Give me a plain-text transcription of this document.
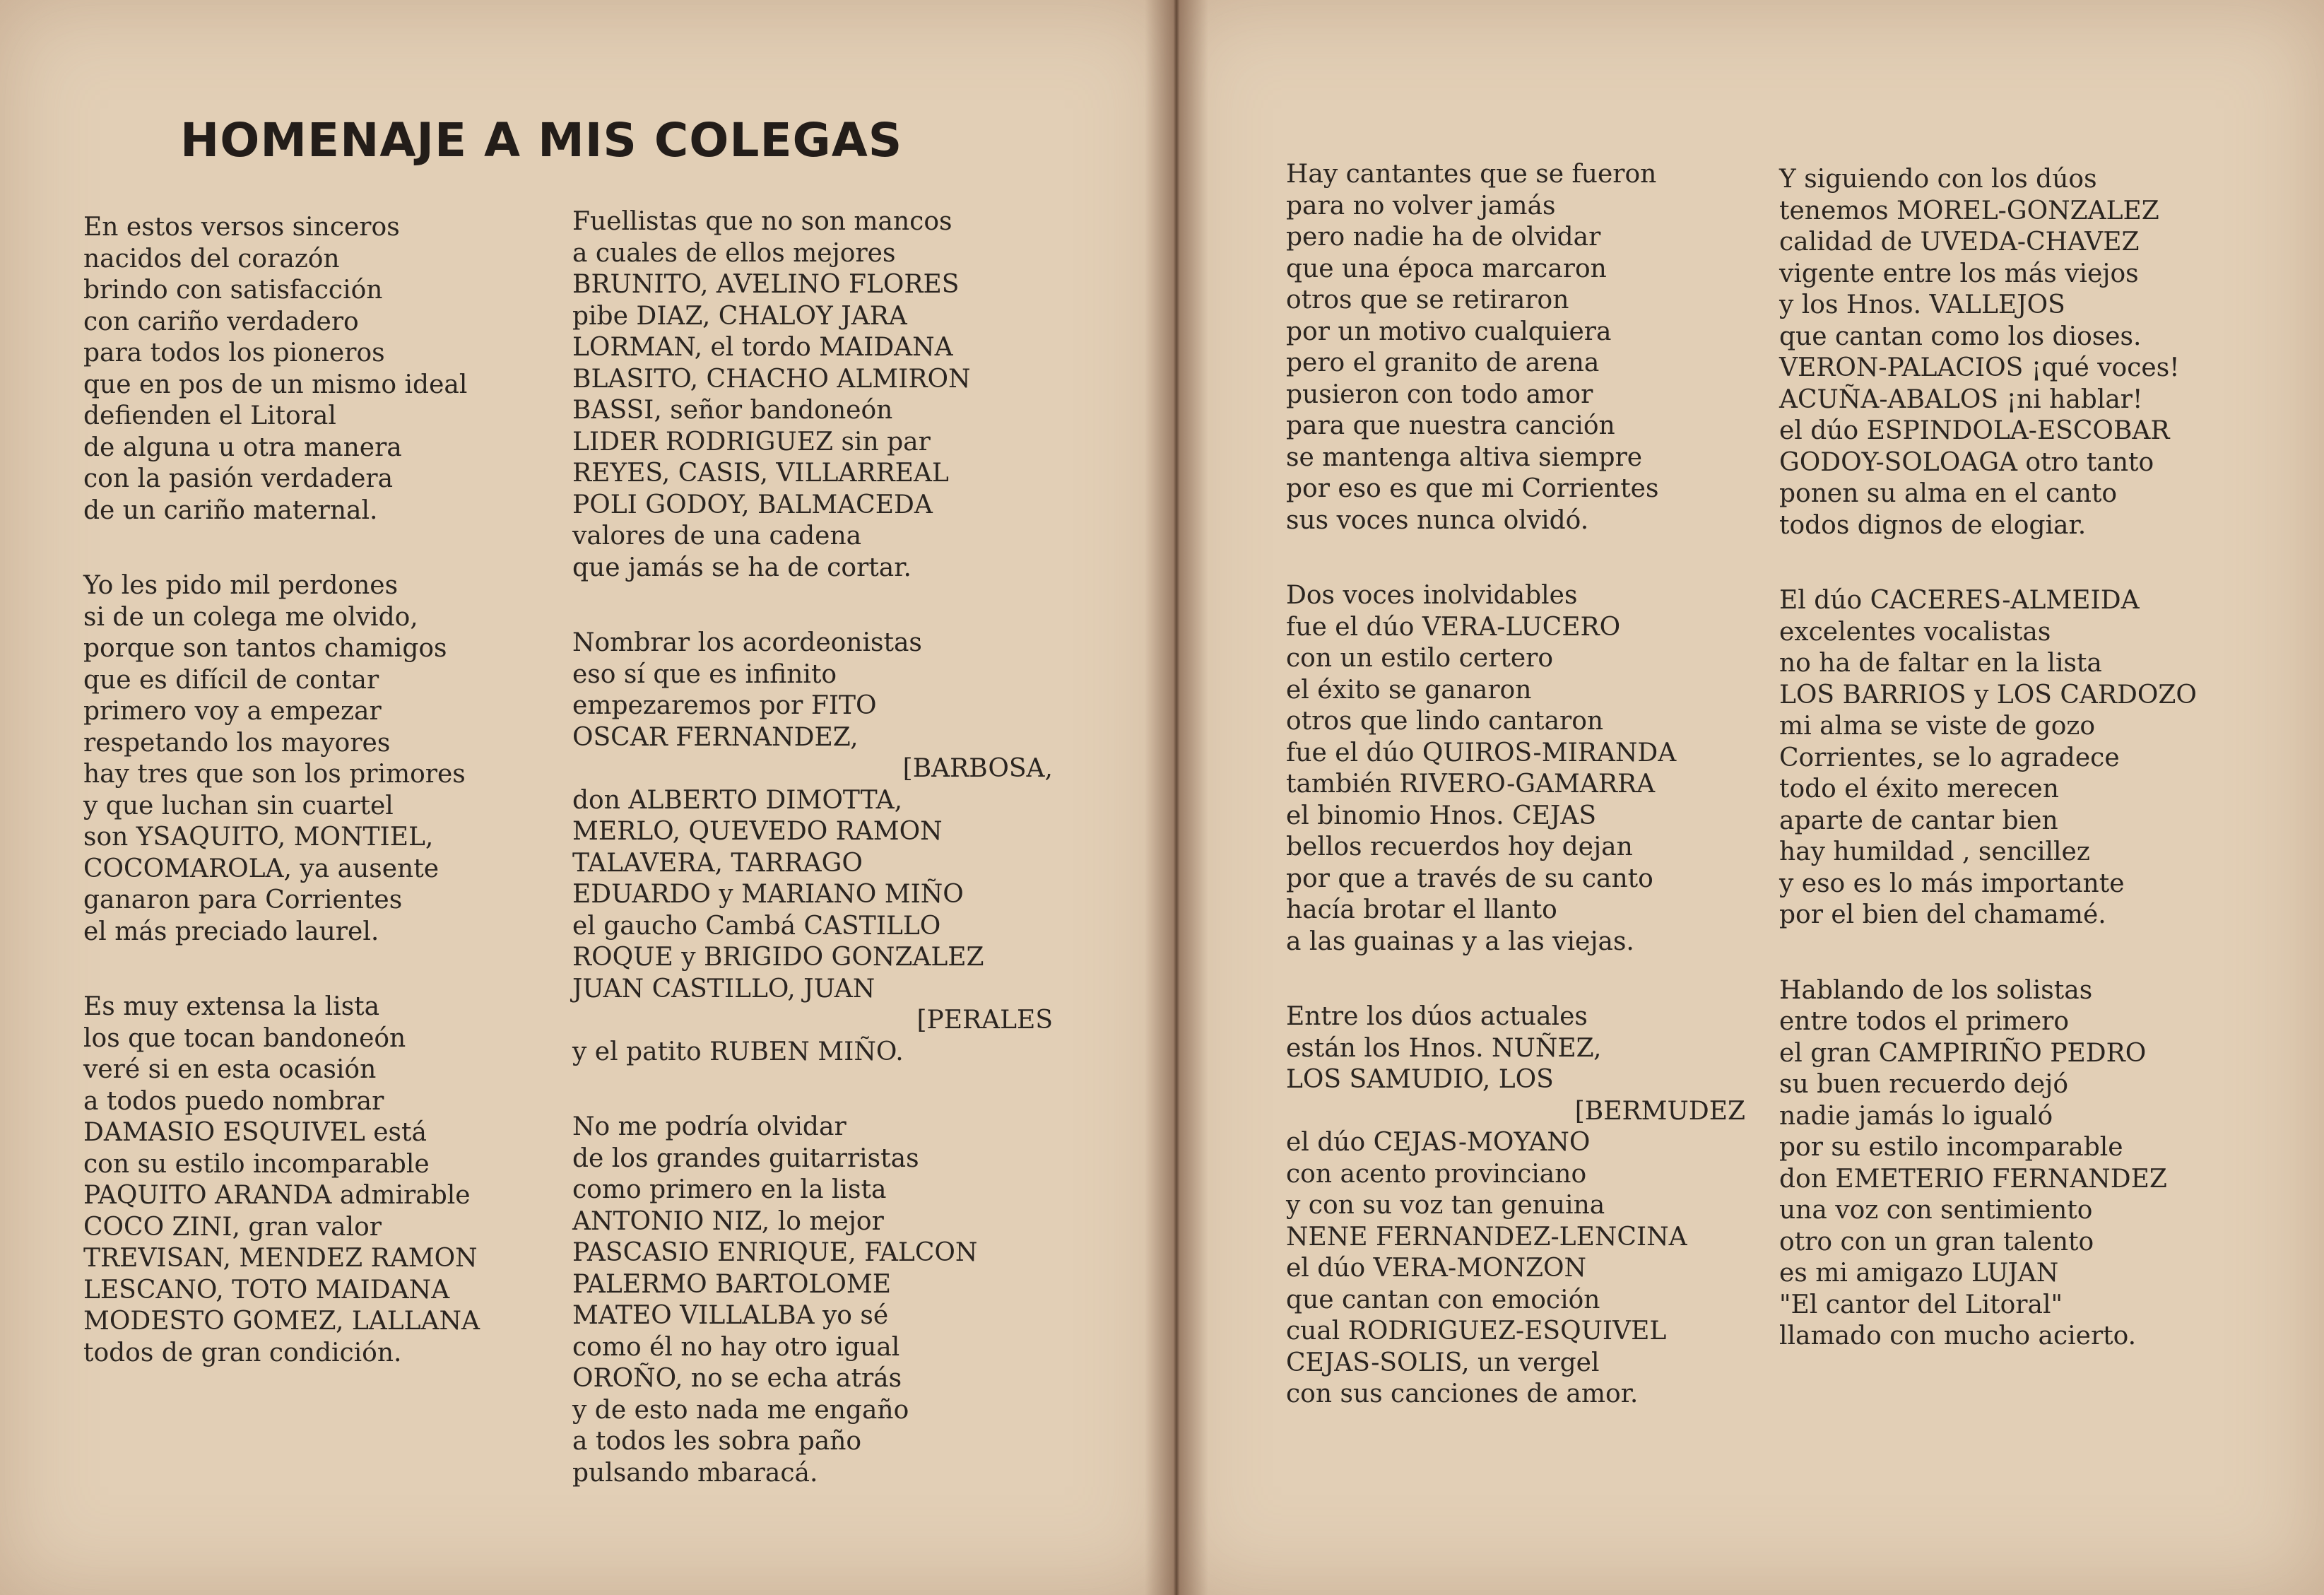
HOMENAJE A MIS COLEGAS
En estos versos sinceros
nacidos del corazón
brindo con satisfacción
con cariño verdadero
para todos los pioneros
que en pos de un mismo ideal
defienden el Litoral
de alguna u otra manera
con la pasión verdadera
de un cariño maternal.
Yo les pido mil perdones
si de un colega me olvido,
porque son tantos chamigos
que es difícil de contar
primero voy a empezar
respetando los mayores
hay tres que son los primores
y que luchan sin cuartel
son YSAQUITO, MONTIEL,
COCOMAROLA, ya ausente
ganaron para Corrientes
el más preciado laurel.
Es muy extensa la lista
los que tocan bandoneón
veré si en esta ocasión
a todos puedo nombrar
DAMASIO ESQUIVEL está
con su estilo incomparable
PAQUITO ARANDA admirable
COCO ZINI, gran valor
TREVISAN, MENDEZ RAMON
LESCANO, TOTO MAIDANA
MODESTO GOMEZ, LALLANA
todos de gran condición.
Fuellistas que no son mancos
a cuales de ellos mejores
BRUNITO, AVELINO FLORES
pibe DIAZ, CHALOY JARA
LORMAN, el tordo MAIDANA
BLASITO, CHACHO ALMIRON
BASSI, señor bandoneón
LIDER RODRIGUEZ sin par
REYES, CASIS, VILLARREAL
POLI GODOY, BALMACEDA
valores de una cadena
que jamás se ha de cortar.
Nombrar los acordeonistas
eso sí que es infinito
empezaremos por FITO
OSCAR FERNANDEZ,
[BARBOSA,
don ALBERTO DIMOTTA,
MERLO, QUEVEDO RAMON
TALAVERA, TARRAGO
EDUARDO y MARIANO MIÑO
el gaucho Cambá CASTILLO
ROQUE y BRIGIDO GONZALEZ
JUAN CASTILLO, JUAN
[PERALES
y el patito RUBEN MIÑO.
No me podría olvidar
de los grandes guitarristas
como primero en la lista
ANTONIO NIZ, lo mejor
PASCASIO ENRIQUE, FALCON
PALERMO BARTOLOME
MATEO VILLALBA yo sé
como él no hay otro igual
OROÑO, no se echa atrás
y de esto nada me engaño
a todos les sobra paño
pulsando mbaracá.
Hay cantantes que se fueron
para no volver jamás
pero nadie ha de olvidar
que una época marcaron
otros que se retiraron
por un motivo cualquiera
pero el granito de arena
pusieron con todo amor
para que nuestra canción
se mantenga altiva siempre
por eso es que mi Corrientes
sus voces nunca olvidó.
Dos voces inolvidables
fue el dúo VERA-LUCERO
con un estilo certero
el éxito se ganaron
otros que lindo cantaron
fue el dúo QUIROS-MIRANDA
también RIVERO-GAMARRA
el binomio Hnos. CEJAS
bellos recuerdos hoy dejan
por que a través de su canto
hacía brotar el llanto
a las guainas y a las viejas.
Entre los dúos actuales
están los Hnos. NUÑEZ,
LOS SAMUDIO, LOS
[BERMUDEZ
el dúo CEJAS-MOYANO
con acento provinciano
y con su voz tan genuina
NENE FERNANDEZ-LENCINA
el dúo VERA-MONZON
que cantan con emoción
cual RODRIGUEZ-ESQUIVEL
CEJAS-SOLIS, un vergel
con sus canciones de amor.
Y siguiendo con los dúos
tenemos MOREL-GONZALEZ
calidad de UVEDA-CHAVEZ
vigente entre los más viejos
y los Hnos. VALLEJOS
que cantan como los dioses.
VERON-PALACIOS ¡qué voces!
ACUÑA-ABALOS ¡ni hablar!
el dúo ESPINDOLA-ESCOBAR
GODOY-SOLOAGA otro tanto
ponen su alma en el canto
todos dignos de elogiar.
El dúo CACERES-ALMEIDA
excelentes vocalistas
no ha de faltar en la lista
LOS BARRIOS y LOS CARDOZO
mi alma se viste de gozo
Corrientes, se lo agradece
todo el éxito merecen
aparte de cantar bien
hay humildad , sencillez
y eso es lo más importante
por el bien del chamamé.
Hablando de los solistas
entre todos el primero
el gran CAMPIRIÑO PEDRO
su buen recuerdo dejó
nadie jamás lo igualó
por su estilo incomparable
don EMETERIO FERNANDEZ
una voz con sentimiento
otro con un gran talento
es mi amigazo LUJAN
"El cantor del Litoral"
llamado con mucho acierto.
